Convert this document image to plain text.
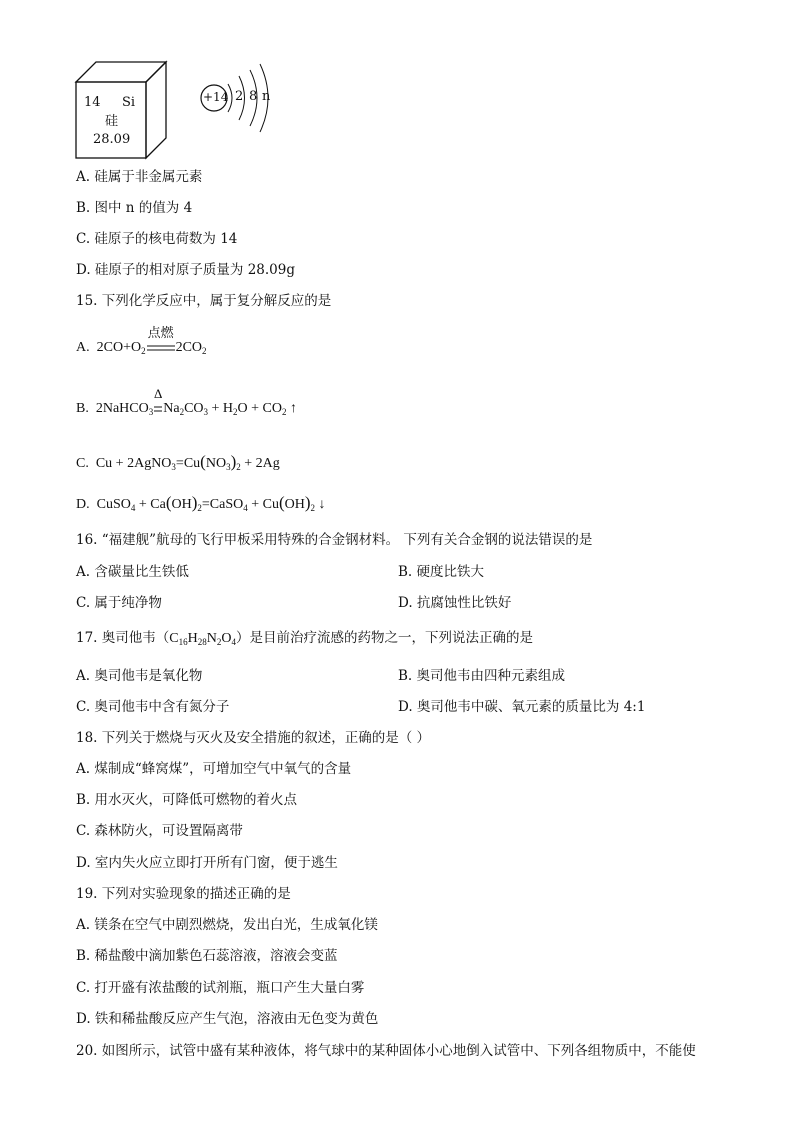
14 Si
硅
28.09
+14 2 8 n
A. 硅属于非金属元素
B. 图中 n 的值为 4
C. 硅原子的核电荷数为 14
D. 硅原子的相对原子质量为 28.09g
15. 下列化学反应中，属于复分解反应的是
A.  $2CO+O_2$
点燃
$2CO_2$
B.  2NaHCO$_3$
Δ
$Na_2CO_3 + H_2O + CO_2$ ↑
C.  $Cu + 2AgNO_3=Cu(NO_3)_2 + 2Ag$
D.  CuSO$_4$ + $Ca(OH)_2=CaSO_4 + Cu(OH)_2$ ↓
16. “福建舰”航母的飞行甲板采用特殊的合金钢材料。 下列有关合金钢的说法错误的是
A. 含碳量比生铁低	B. 硬度比铁大
C. 属于纯净物	D. 抗腐蚀性比铁好
17. 奥司他韦$(C_{16}H_{28}N_2O_4)$是目前治疗流感的药物之一，下列说法正确的是
A. 奥司他韦是氧化物	B. 奥司他韦由四种元素组成
C. 奥司他韦中含有氮分子	D. 奥司他韦中碳、氧元素的质量比为 4:1
18. 下列关于燃烧与灭火及安全措施的叙述，正确的是（ ）
A. 煤制成“蜂窝煤”，可增加空气中氧气的含量
B. 用水灭火，可降低可燃物的着火点
C. 森林防火，可设置隔离带
D. 室内失火应立即打开所有门窗，便于逃生
19. 下列对实验现象的描述正确的是
A. 镁条在空气中剧烈燃烧，发出白光，生成氧化镁
B. 稀盐酸中滴加紫色石蕊溶液，溶液会变蓝
C. 打开盛有浓盐酸的试剂瓶，瓶口产生大量白雾
D. 铁和稀盐酸反应产生气泡，溶液由无色变为黄色
20. 如图所示，试管中盛有某种液体，将气球中的某种固体小心地倒入试管中、下列各组物质中，不能使
